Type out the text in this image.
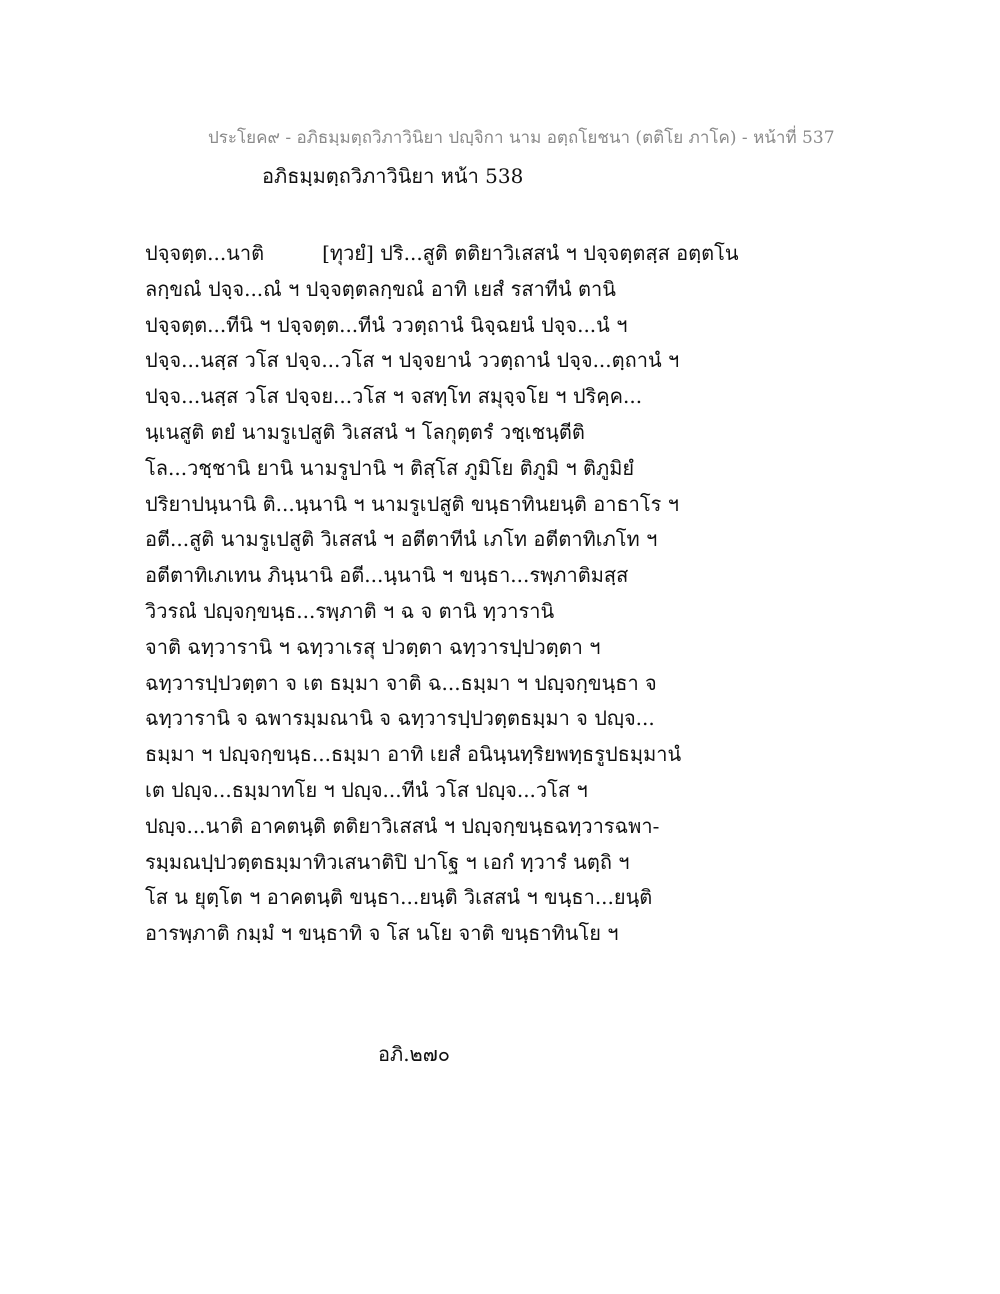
ประโยค๙ - อภิธมฺมตฺถวิภาวินิยา ปญฺจิกา นาม อตฺถโยชนา (ตติโย ภาโค) - หน้าที่ 537
อภิธมฺมตฺถวิภาวินิยา หน้า 538
ปจฺจตฺต...นาติ	[ทุวยํ] ปริ...สูติ ตติยาวิเสสนํ ฯ ปจฺจตฺตสฺส อตฺตโน
ลกฺขณํ ปจฺจ...ณํ ฯ ปจฺจตฺตลกฺขณํ อาทิ เยสํ รสาทีนํ ตานิ
ปจฺจตฺต...ทีนิ ฯ ปจฺจตฺต...ทีนํ ววตฺถานํ นิจฺฉยนํ ปจฺจ...นํ ฯ
ปจฺจ...นสฺส วโส ปจฺจ...วโส ฯ ปจฺจยานํ ววตฺถานํ ปจฺจ...ตฺถานํ ฯ
ปจฺจ...นสฺส วโส ปจฺจย...วโส ฯ จสทฺโท สมุจฺจโย ฯ ปริคฺค...
นฺเนสูติ ตยํ นามรูเปสูติ วิเสสนํ ฯ โลกุตฺตรํ วชฺเชนฺตีติ
โล...วชฺชานิ ยานิ นามรูปานิ ฯ ติสฺโส ภูมิโย ติภูมิ ฯ ติภูมิยํ
ปริยาปนฺนานิ ติ...นฺนานิ ฯ นามรูเปสูติ ขนฺธาทินยนฺติ อาธาโร ฯ
อตี...สูติ นามรูเปสูติ วิเสสนํ ฯ อตีตาทีนํ เภโท อตีตาทิเภโท ฯ
อตีตาทิเภเทน ภินฺนานิ อตี...นฺนานิ ฯ ขนฺธา...รพฺภาติมสฺส
วิวรณํ ปญฺจกฺขนฺธ...รพฺภาติ ฯ ฉ จ ตานิ ทฺวารานิ
จาติ ฉทฺวารานิ ฯ ฉทฺวาเรสุ ปวตฺตา ฉทฺวารปฺปวตฺตา ฯ
ฉทฺวารปฺปวตฺตา จ เต ธมฺมา จาติ ฉ...ธมฺมา ฯ ปญฺจกฺขนฺธา จ
ฉทฺวารานิ จ ฉพารมฺมณานิ จ ฉทฺวารปฺปวตฺตธมฺมา จ ปญฺจ...
ธมฺมา ฯ ปญฺจกฺขนฺธ...ธมฺมา อาทิ เยสํ อนินฺนทฺริยพทฺธรูปธมฺมานํ
เต ปญฺจ...ธมฺมาทโย ฯ ปญฺจ...ทีนํ วโส ปญฺจ...วโส ฯ
ปญฺจ...นาติ อาคตนฺติ ตติยาวิเสสนํ ฯ ปญฺจกฺขนฺธฉทฺวารฉพา-
รมฺมณปฺปวตฺตธมฺมาทิวเสนาติปิ ปาโฐ ฯ เอกํ ทฺวารํ นตฺถิ ฯ
โส น ยุตฺโต ฯ อาคตนฺติ ขนฺธา...ยนฺติ วิเสสนํ ฯ ขนฺธา...ยนฺติ
อารพฺภาติ กมฺมํ ฯ ขนฺธาทิ จ โส นโย จาติ ขนฺธาทินโย ฯ
อภิ.๒๗๐
